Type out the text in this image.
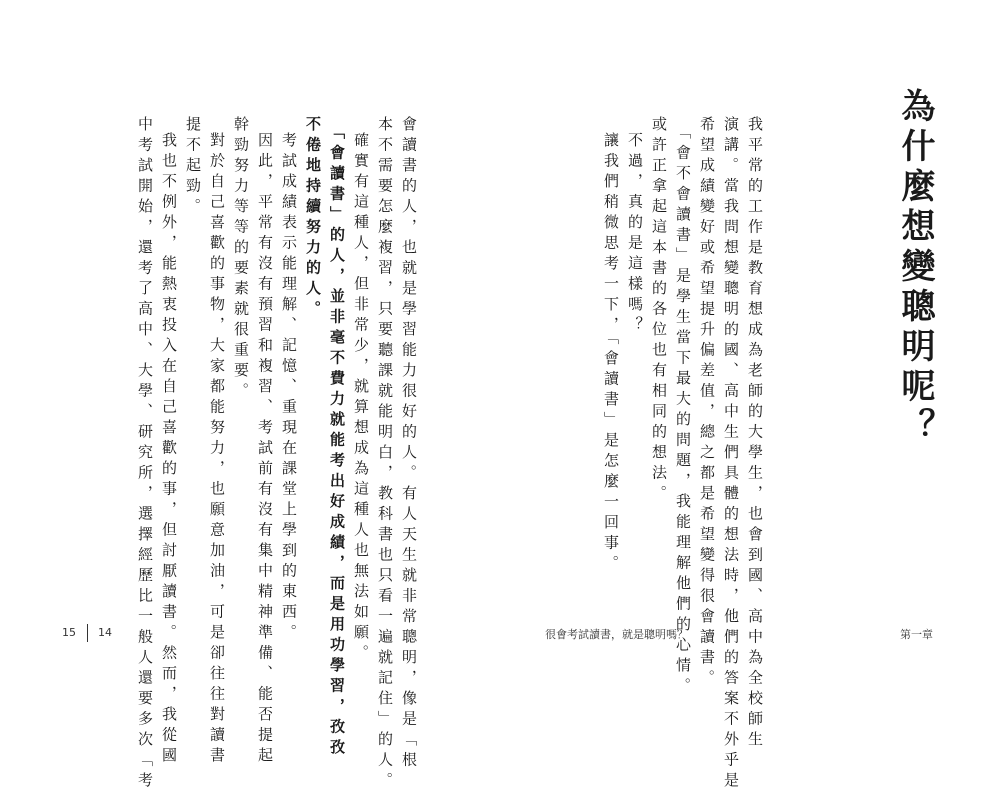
為什麼想變聰明呢？

我平常的工作是教育想成為老師的大學生，也會到國、高中為全校師生

演講。當我問想變聰明的國、高中生們具體的想法時，他們的答案不外乎是

希望成績變好或希望提升偏差值，總之都是希望變得很會讀書。

「會不會讀書」是學生當下最大的問題，我能理解他們的心情。

或許正拿起這本書的各位也有相同的想法。

不過，真的是這樣嗎？

讓我們稍微思考一下，「會讀書」是怎麼一回事。

會讀書的人，也就是學習能力很好的人。有人天生就非常聰明，像是「根

本不需要怎麼複習，只要聽課就能明白，教科書也只看一遍就記住」的人。

確實有這種人，但非常少，就算想成為這種人也無法如願。

「會讀書」的人，並非毫不費力就能考出好成績，而是用功學習，孜孜

不倦地持續努力的人。

考試成績表示能理解、記憶、重現在課堂上學到的東西。

因此，平常有沒有預習和複習、考試前有沒有集中精神準備、能否提起

幹勁努力等等的要素就很重要。

對於自己喜歡的事物，大家都能努力，也願意加油，可是卻往往對讀書

提不起勁。

我也不例外，能熱衷投入在自己喜歡的事，但討厭讀書。然而，我從國

中考試開始，還考了高中、大學、研究所，選擇經歷比一般人還要多次「考

15 14	很會考試讀書，就是聰明嗎？	第一章
